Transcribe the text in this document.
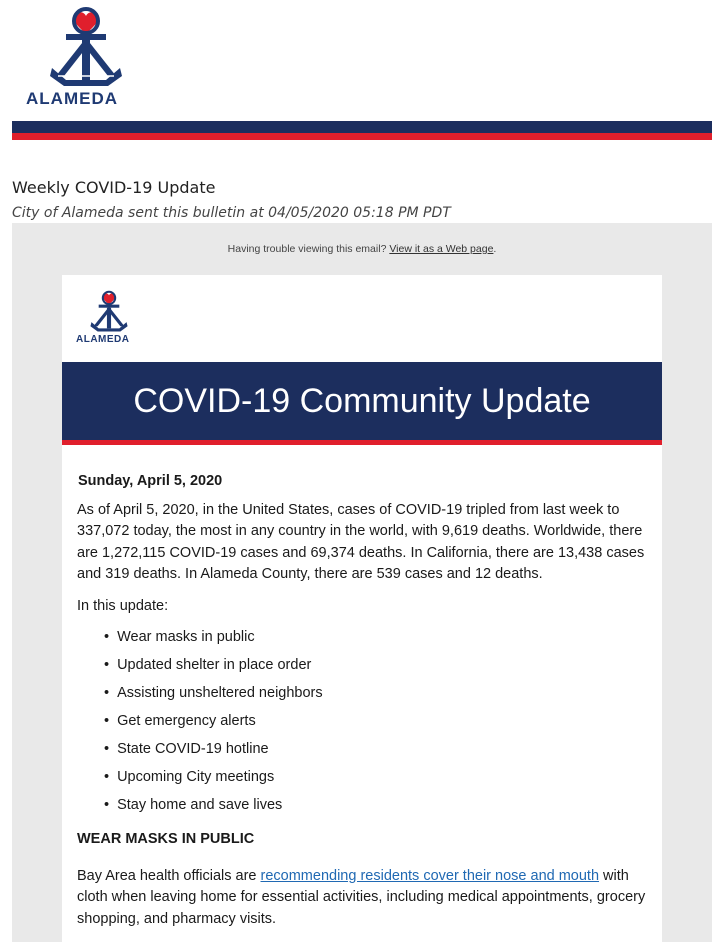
ALAMEDA
Weekly COVID-19 Update
City of Alameda sent this bulletin at 04/05/2020 05:18 PM PDT
Having trouble viewing this email? View it as a Web page.
ALAMEDA
COVID-19 Community Update
Sunday, April 5, 2020

As of April 5, 2020, in the United States, cases of COVID-19 tripled from last week to 337,072 today, the most in any country in the world, with 9,619 deaths. Worldwide, there are 1,272,115 COVID-19 cases and 69,374 deaths. In California, there are 13,438 cases and 319 deaths. In Alameda County, there are 539 cases and 12 deaths.

In this update:

• Wear masks in public
• Updated shelter in place order
• Assisting unsheltered neighbors
• Get emergency alerts
• State COVID-19 hotline
• Upcoming City meetings
• Stay home and save lives
WEAR MASKS IN PUBLIC

Bay Area health officials are recommending residents cover their nose and mouth with cloth when leaving home for essential activities, including medical appointments, grocery shopping, and pharmacy visits.
